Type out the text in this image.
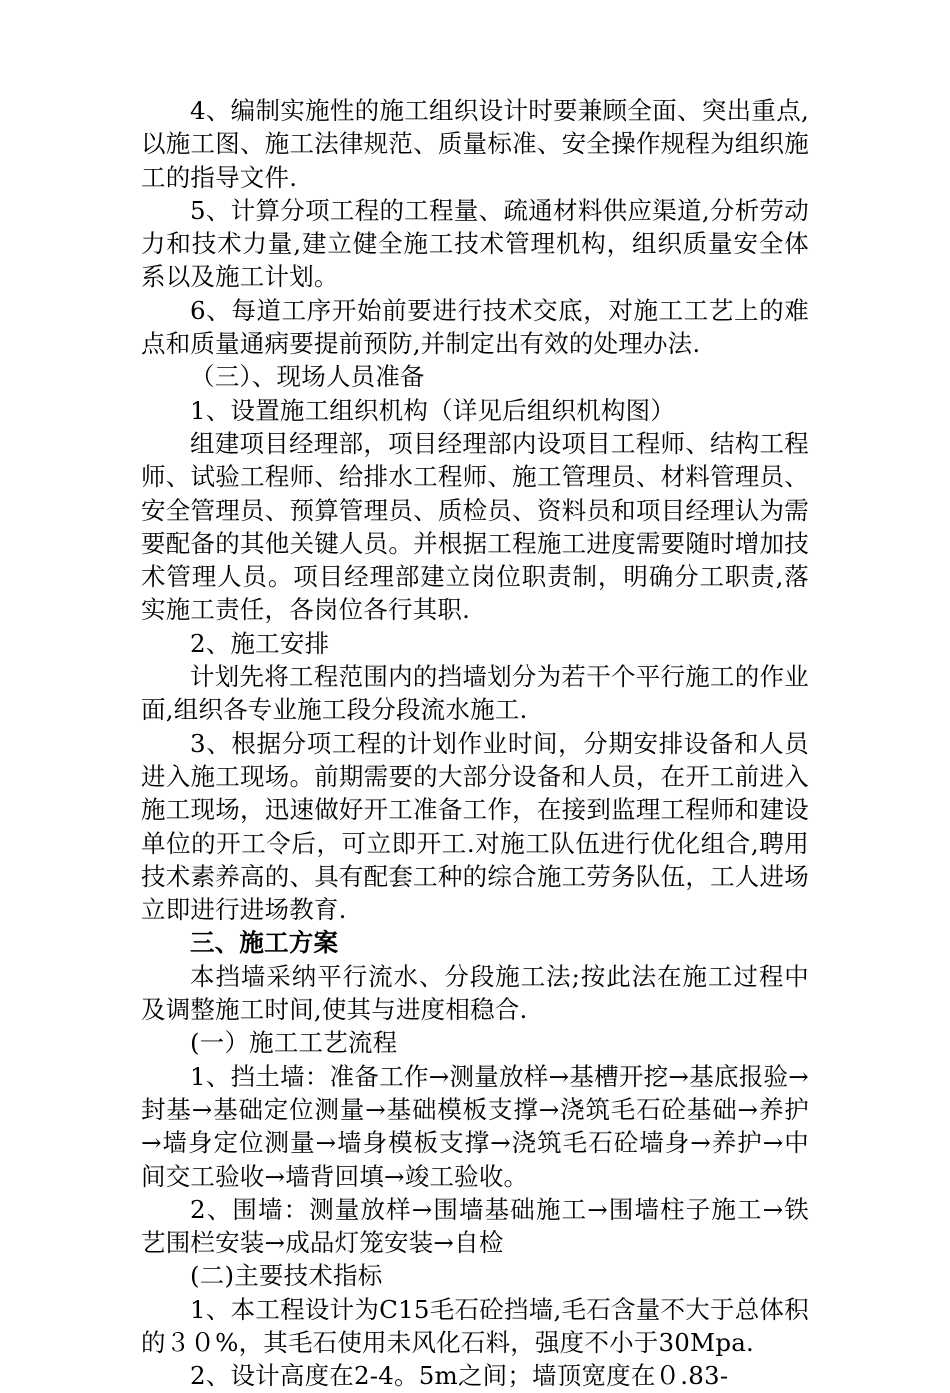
4、编制实施性的施工组织设计时要兼顾全面、突出重点,以施工图、施工法律规范、质量标准、安全操作规程为组织施工的指导文件.

5、计算分项工程的工程量、疏通材料供应渠道,分析劳动力和技术力量,建立健全施工技术管理机构，组织质量安全体系以及施工计划。

6、每道工序开始前要进行技术交底，对施工工艺上的难点和质量通病要提前预防,并制定出有效的处理办法.

（三）、现场人员准备

1、设置施工组织机构（详见后组织机构图）

组建项目经理部，项目经理部内设项目工程师、结构工程师、试验工程师、给排水工程师、施工管理员、材料管理员、安全管理员、预算管理员、质检员、资料员和项目经理认为需要配备的其他关键人员。并根据工程施工进度需要随时增加技术管理人员。项目经理部建立岗位职责制，明确分工职责,落实施工责任，各岗位各行其职.

2、施工安排

计划先将工程范围内的挡墙划分为若干个平行施工的作业面,组织各专业施工段分段流水施工.

3、根据分项工程的计划作业时间，分期安排设备和人员进入施工现场。前期需要的大部分设备和人员，在开工前进入施工现场，迅速做好开工准备工作，在接到监理工程师和建设单位的开工令后，可立即开工.对施工队伍进行优化组合,聘用技术素养高的、具有配套工种的综合施工劳务队伍，工人进场立即进行进场教育.

三、施工方案

本挡墙采纳平行流水、分段施工法;按此法在施工过程中及调整施工时间,使其与进度相稳合.

(一）施工工艺流程

1、挡土墙：准备工作→测量放样→基槽开挖→基底报验→封基→基础定位测量→基础模板支撑→浇筑毛石砼基础→养护→墙身定位测量→墙身模板支撑→浇筑毛石砼墙身→养护→中间交工验收→墙背回填→竣工验收。

2、围墙：测量放样→围墙基础施工→围墙柱子施工→铁艺围栏安装→成品灯笼安装→自检

(二)主要技术指标

1、本工程设计为C15毛石砼挡墙,毛石含量不大于总体积的３０%，其毛石使用未风化石料，强度不小于30Mpa.

2、设计高度在2-4。5m之间；墙顶宽度在０.83-
